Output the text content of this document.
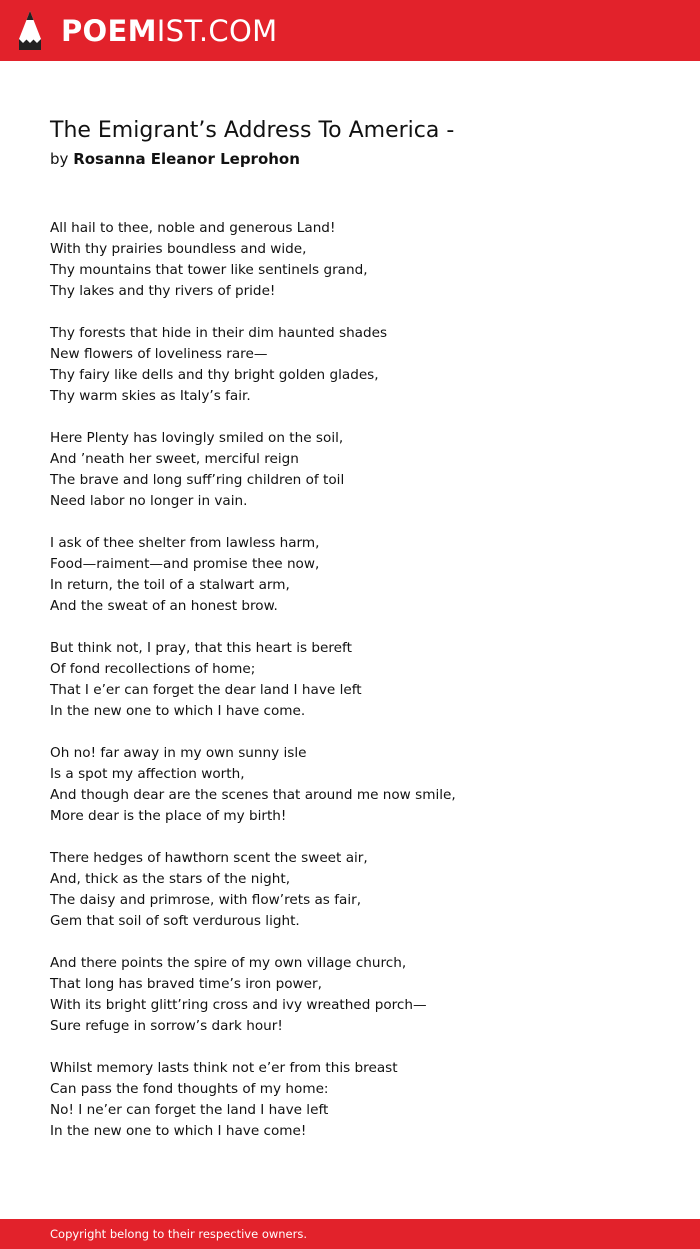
POEMIST.COM
The Emigrant’s Address To America -
by Rosanna Eleanor Leprohon
All hail to thee, noble and generous Land!
With thy prairies boundless and wide,
Thy mountains that tower like sentinels grand,
Thy lakes and thy rivers of pride!
Thy forests that hide in their dim haunted shades
New flowers of loveliness rare—
Thy fairy like dells and thy bright golden glades,
Thy warm skies as Italy’s fair.
Here Plenty has lovingly smiled on the soil,
And ’neath her sweet, merciful reign
The brave and long suff’ring children of toil
Need labor no longer in vain.
I ask of thee shelter from lawless harm,
Food—raiment—and promise thee now,
In return, the toil of a stalwart arm,
And the sweat of an honest brow.
But think not, I pray, that this heart is bereft
Of fond recollections of home;
That I e’er can forget the dear land I have left
In the new one to which I have come.
Oh no! far away in my own sunny isle
Is a spot my affection worth,
And though dear are the scenes that around me now smile,
More dear is the place of my birth!
There hedges of hawthorn scent the sweet air,
And, thick as the stars of the night,
The daisy and primrose, with flow’rets as fair,
Gem that soil of soft verdurous light.
And there points the spire of my own village church,
That long has braved time’s iron power,
With its bright glitt’ring cross and ivy wreathed porch—
Sure refuge in sorrow’s dark hour!
Whilst memory lasts think not e’er from this breast
Can pass the fond thoughts of my home:
No! I ne’er can forget the land I have left
In the new one to which I have come!
Copyright belong to their respective owners.
